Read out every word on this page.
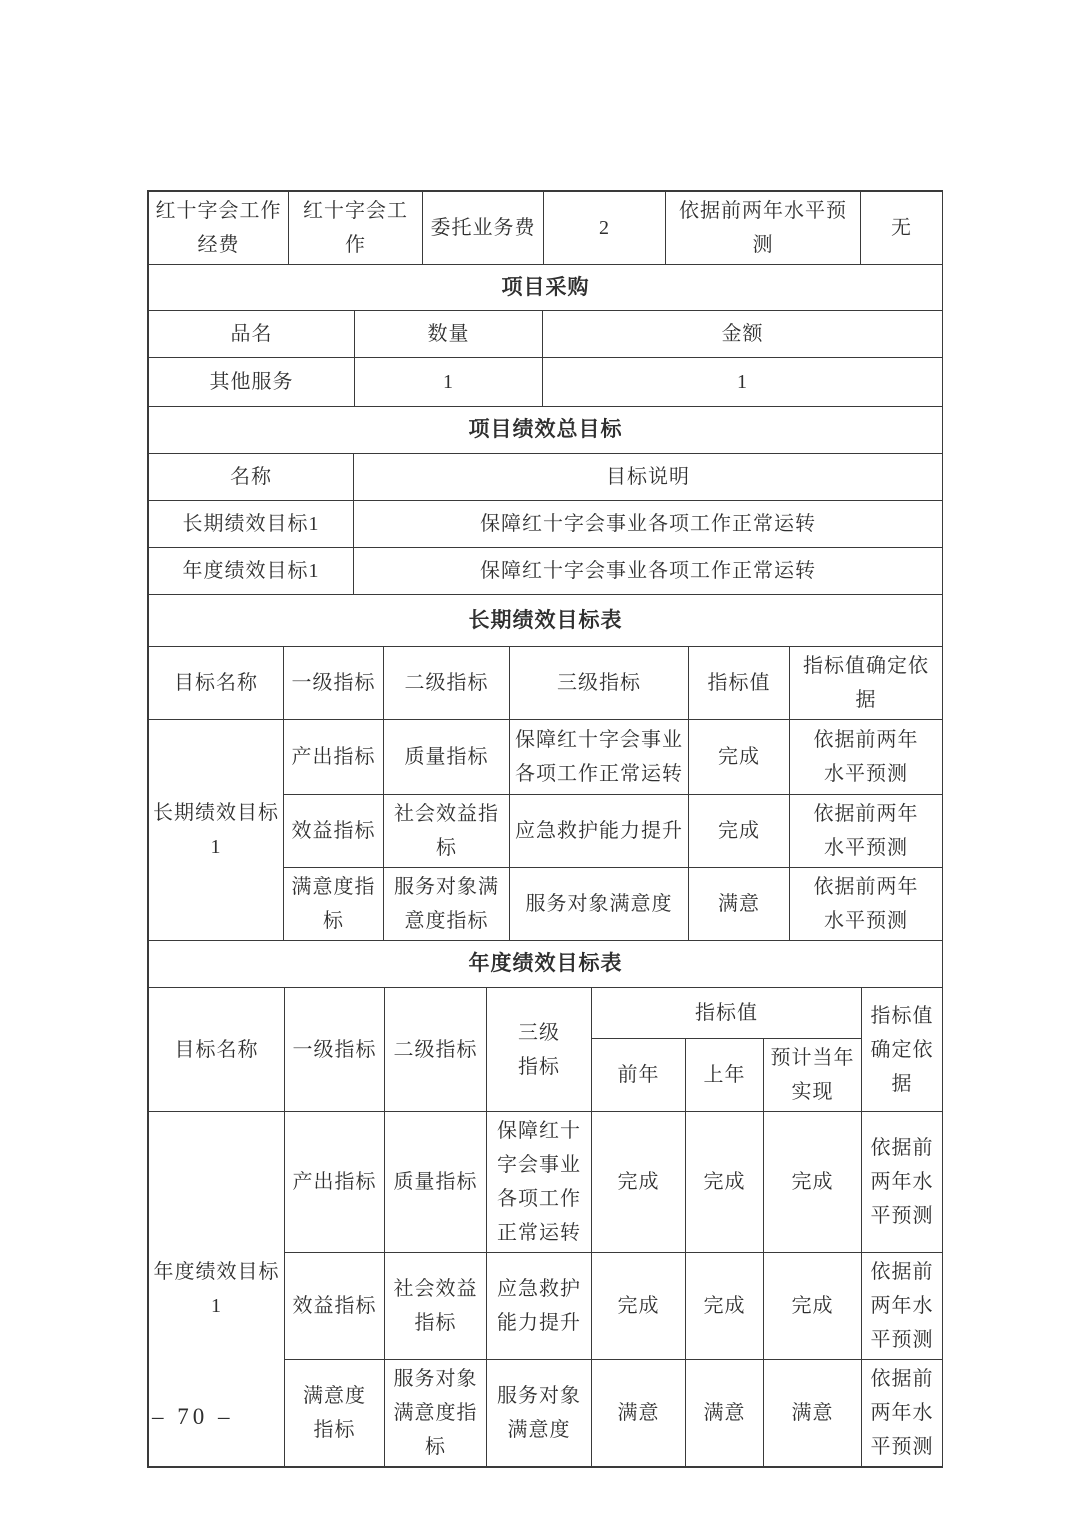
红十字会工作经费	红十字会工作	委托业务费	2	依据前两年水平预测	无
项目采购		
品名	数量	金额
其他服务	1	1
项目绩效总目标	
名称	目标说明
长期绩效目标1	保障红十字会事业各项工作正常运转
年度绩效目标1	保障红十字会事业各项工作正常运转
长期绩效目标表					
目标名称	一级指标	二级指标	三级指标	指标值	指标值确定依据
长期绩效目标1	产出指标	质量指标	保障红十字会事业各项工作正常运转	完成	依据前两年水平预测
	效益指标	社会效益指标	应急救护能力提升	完成	依据前两年水平预测
	满意度指标	服务对象满意度指标	服务对象满意度	满意	依据前两年水平预测
年度绩效目标表							
目标名称	一级指标	二级指标	三级指标	指标值			指标值确定依据
				前年	上年	预计当年实现	
年度绩效目标1	产出指标	质量指标	保障红十字会事业各项工作正常运转	完成	完成	完成	依据前两年水平预测
	效益指标	社会效益指标	应急救护能力提升	完成	完成	完成	依据前两年水平预测
	满意度指标	服务对象满意度指标	服务对象满意度	满意	满意	满意	依据前两年水平预测
– 70 –
